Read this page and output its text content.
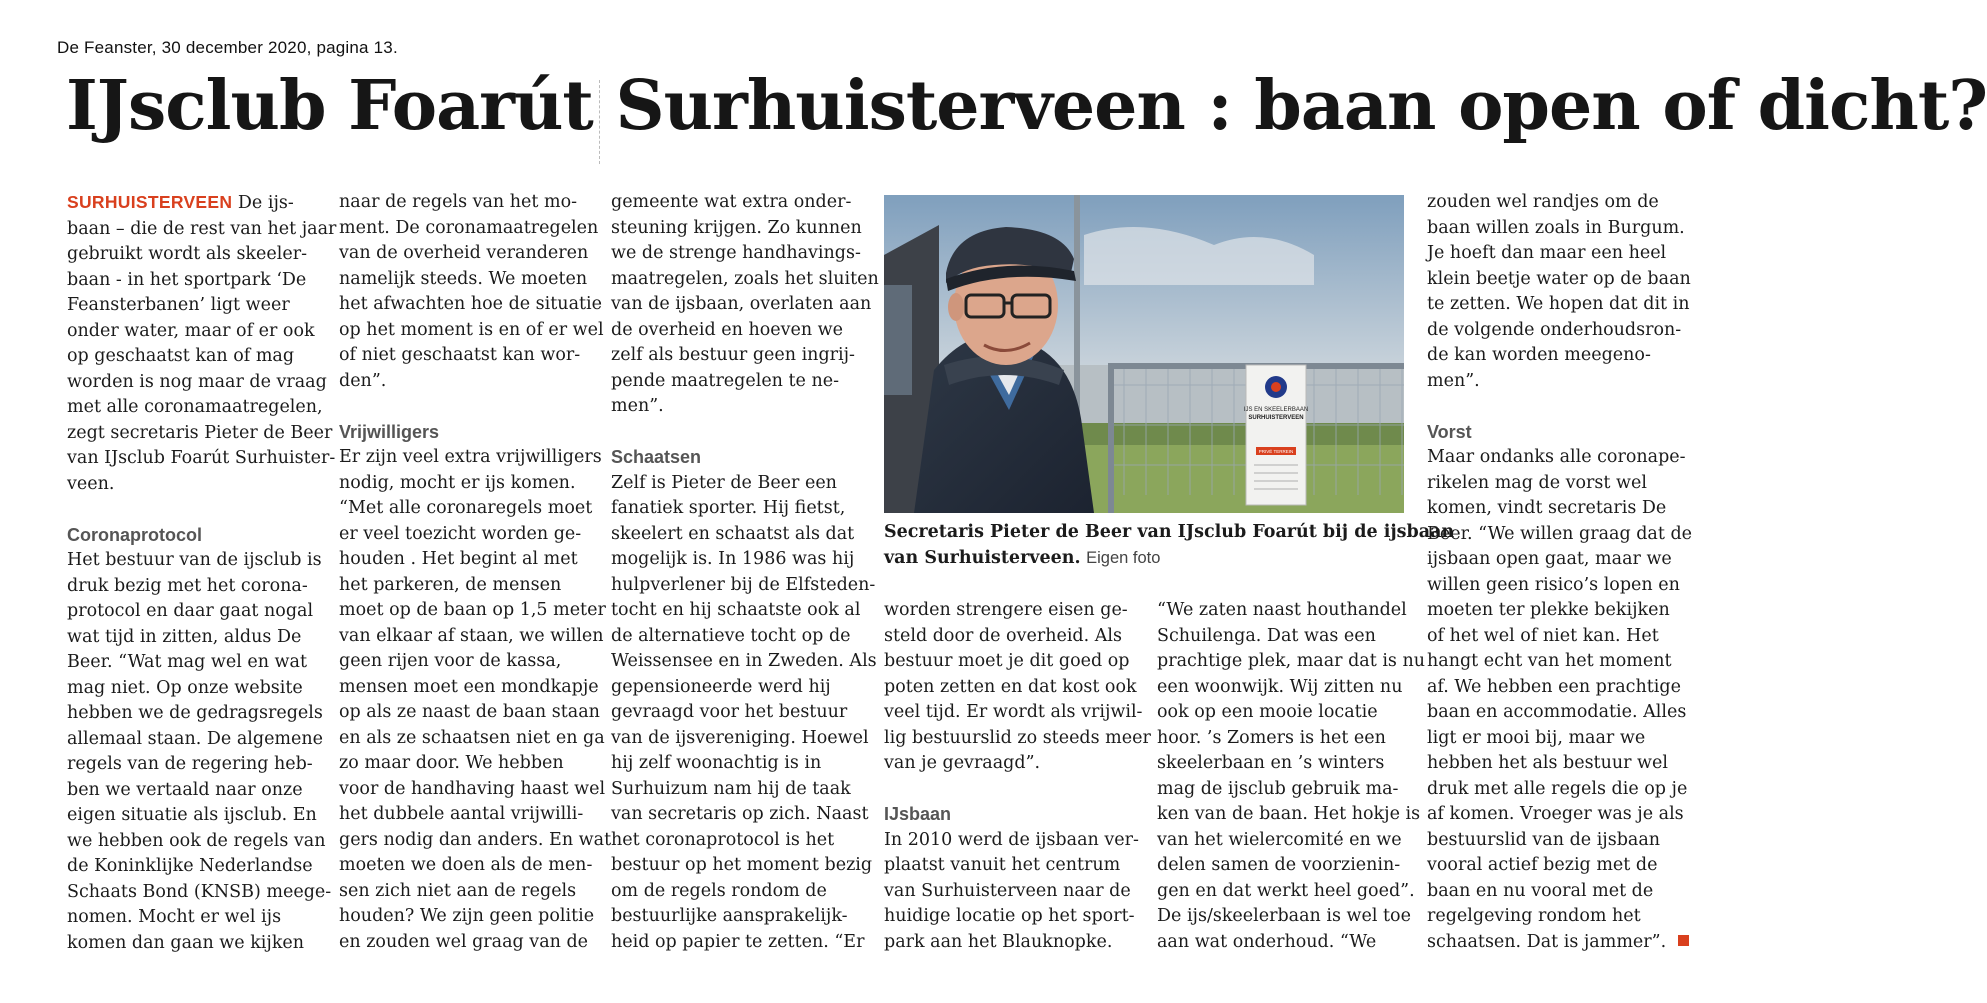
De Feanster, 30 december 2020, pagina 13.
IJsclub Foarút Surhuisterveen : baan open of dicht?

SURHUISTERVEEN De ijs-

baan – die de rest van het jaar

gebruikt wordt als skeeler-

baan - in het sportpark ‘De

Feansterbanen’ ligt weer

onder water, maar of er ook

op geschaatst kan of mag

worden is nog maar de vraag

met alle coronamaatregelen,

zegt secretaris Pieter de Beer

van IJsclub Foarút Surhuister-

veen.

Coronaprotocol

Het bestuur van de ijsclub is

druk bezig met het corona-

protocol en daar gaat nogal

wat tijd in zitten, aldus De

Beer. “Wat mag wel en wat

mag niet. Op onze website

hebben we de gedragsregels

allemaal staan. De algemene

regels van de regering heb-

ben we vertaald naar onze

eigen situatie als ijsclub. En

we hebben ook de regels van

de Koninklijke Nederlandse

Schaats Bond (KNSB) meege-

nomen. Mocht er wel ijs

komen dan gaan we kijken

naar de regels van het mo-

ment. De coronamaatregelen

van de overheid veranderen

namelijk steeds. We moeten

het afwachten hoe de situatie

op het moment is en of er wel

of niet geschaatst kan wor-

den”.

Vrijwilligers

Er zijn veel extra vrijwilligers

nodig, mocht er ijs komen.

“Met alle coronaregels moet

er veel toezicht worden ge-

houden . Het begint al met

het parkeren, de mensen

moet op de baan op 1,5 meter

van elkaar af staan, we willen

geen rijen voor de kassa,

mensen moet een mondkapje

op als ze naast de baan staan

en als ze schaatsen niet en ga

zo maar door. We hebben

voor de handhaving haast wel

het dubbele aantal vrijwilli-

gers nodig dan anders. En wat

moeten we doen als de men-

sen zich niet aan de regels

houden? We zijn geen politie

en zouden wel graag van de

gemeente wat extra onder-

steuning krijgen. Zo kunnen

we de strenge handhavings-

maatregelen, zoals het sluiten

van de ijsbaan, overlaten aan

de overheid en hoeven we

zelf als bestuur geen ingrij-

pende maatregelen te ne-

men”.

Schaatsen

Zelf is Pieter de Beer een

fanatiek sporter. Hij fietst,

skeelert en schaatst als dat

mogelijk is. In 1986 was hij

hulpverlener bij de Elfsteden-

tocht en hij schaatste ook al

de alternatieve tocht op de

Weissensee en in Zweden. Als

gepensioneerde werd hij

gevraagd voor het bestuur

van de ijsvereniging. Hoewel

hij zelf woonachtig is in

Surhuizum nam hij de taak

van secretaris op zich. Naast

het coronaprotocol is het

bestuur op het moment bezig

om de regels rondom de

bestuurlijke aansprakelijk-

heid op papier te zetten. “Er

IJS EN SKEELERBAAN
SURHUISTERVEEN
PRIVÉ TERREIN
Secretaris Pieter de Beer van IJsclub Foarút bij de ijsbaan
van Surhuisterveen. Eigen foto

worden strengere eisen ge-

steld door de overheid. Als

bestuur moet je dit goed op

poten zetten en dat kost ook

veel tijd. Er wordt als vrijwil-

lig bestuurslid zo steeds meer

van je gevraagd”.

IJsbaan

In 2010 werd de ijsbaan ver-

plaatst vanuit het centrum

van Surhuisterveen naar de

huidige locatie op het sport-

park aan het Blauknopke.

“We zaten naast houthandel

Schuilenga. Dat was een

prachtige plek, maar dat is nu

een woonwijk. Wij zitten nu

ook op een mooie locatie

hoor. ’s Zomers is het een

skeelerbaan en ’s winters

mag de ijsclub gebruik ma-

ken van de baan. Het hokje is

van het wielercomité en we

delen samen de voorzienin-

gen en dat werkt heel goed”.

De ijs/skeelerbaan is wel toe

aan wat onderhoud. “We

zouden wel randjes om de

baan willen zoals in Burgum.

Je hoeft dan maar een heel

klein beetje water op de baan

te zetten. We hopen dat dit in

de volgende onderhoudsron-

de kan worden meegeno-

men”.

Vorst

Maar ondanks alle coronape-

rikelen mag de vorst wel

komen, vindt secretaris De

Beer. “We willen graag dat de

ijsbaan open gaat, maar we

willen geen risico’s lopen en

moeten ter plekke bekijken

of het wel of niet kan. Het

hangt echt van het moment

af. We hebben een prachtige

baan en accommodatie. Alles

ligt er mooi bij, maar we

hebben het als bestuur wel

druk met alle regels die op je

af komen. Vroeger was je als

bestuurslid van de ijsbaan

vooral actief bezig met de

baan en nu vooral met de

regelgeving rondom het

schaatsen. Dat is jammer”.
